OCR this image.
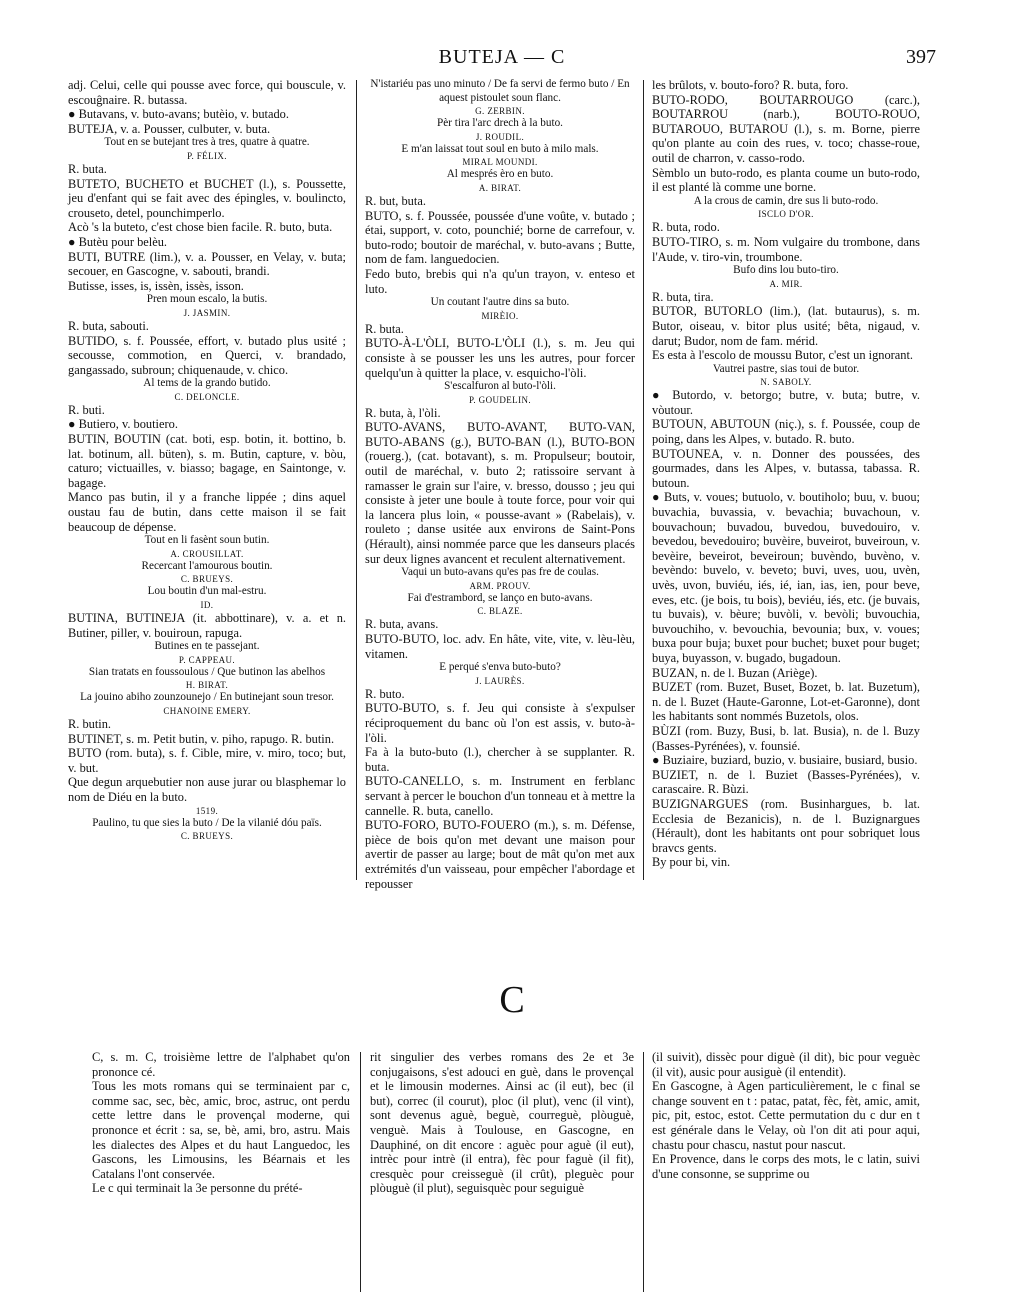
BUTEJA — C	397

adj. Celui, celle qui pousse avec force, qui bouscule, v. escouĝnaire. R. butassa.

● Butavans, v. buto-avans; butèio, v. butado.

BUTEJA, v. a. Pousser, culbuter, v. buta.

Tout en se butejant tres à tres, quatre à quatre.

P. FÉLIX.

R. buta.

BUTETO, BUCHETO et BUCHET (l.), s. Poussette, jeu d'enfant qui se fait avec des épingles, v. boulincto, crouseto, detel, pounchimperlo.

Acò 's la buteto, c'est chose bien facile. R. buto, buta.

● Butèu pour belèu.

BUTI, BUTRE (lim.), v. a. Pousser, en Velay, v. buta; secouer, en Gascogne, v. sabouti, brandi.

Butisse, isses, is, issèn, issès, isson.

Pren moun escalo, la butis.

J. JASMIN.

R. buta, sabouti.

BUTIDO, s. f. Poussée, effort, v. butado plus usité ; secousse, commotion, en Querci, v. brandado, gangassado, subroun; chiquenaude, v. chico.

Al tems de la grando butido.

C. DELONCLE.

R. buti.

● Butiero, v. boutiero.

BUTIN, BOUTIN (cat. boti, esp. botin, it. bottino, b. lat. botinum, all. büten), s. m. Butin, capture, v. bòu, caturo; victuailles, v. biasso; bagage, en Saintonge, v. bagage.

Manco pas butin, il y a franche lippée ; dins aquel oustau fau de butin, dans cette maison il se fait beaucoup de dépense.

Tout en li fasènt soun butin.

A. CROUSILLAT.

Recercant l'amourous boutin.

C. BRUEYS.

Lou boutin d'un mal-estru.

ID.

BUTINA, BUTINEJA (it. abbottinare), v. a. et n. Butiner, piller, v. bouiroun, rapuga.

Butines en te passejant.

P. CAPPEAU.

Sian tratats en foussoulous / Que butinon las abelhos

H. BIRAT.

La jouino abiho zounzounejo / En butinejant soun tresor.

CHANOINE EMERY.

R. butin.

BUTINET, s. m. Petit butin, v. piho, rapugo. R. butin.

BUTO (rom. buta), s. f. Cible, mire, v. miro, toco; but, v. but.

Que degun arquebutier non ause jurar ou blasphemar lo nom de Diéu en la buto.

1519.

Paulino, tu que sies la buto / De la vilanié dóu païs.

C. BRUEYS.

N'istariéu pas uno minuto / De fa servi de fermo buto / En aquest pistoulet soun flanc.

G. ZERBIN.

Pèr tira l'arc drech à la buto.

J. ROUDIL.

E m'an laissat tout soul en buto à milo mals.

MIRAL MOUNDI.

Al mesprés èro en buto.

A. BIRAT.

R. but, buta.

BUTO, s. f. Poussée, poussée d'une voûte, v. butado ; étai, support, v. coto, pounchié; borne de carrefour, v. buto-rodo; boutoir de maréchal, v. buto-avans ; Butte, nom de fam. languedocien.

Fedo buto, brebis qui n'a qu'un trayon, v. enteso et luto.

Un coutant l'autre dins sa buto.

MIRÈIO.

R. buta.

BUTO-À-L'ÒLI, BUTO-L'ÒLI (l.), s. m. Jeu qui consiste à se pousser les uns les autres, pour forcer quelqu'un à quitter la place, v. esquicho-l'òli.

S'escalfuron al buto-l'òli.

P. GOUDELIN.

R. buta, à, l'òli.

BUTO-AVANS, BUTO-AVANT, BUTO-VAN, BUTO-ABANS (g.), BUTO-BAN (l.), BUTO-BON (rouerg.), (cat. botavant), s. m. Propulseur; boutoir, outil de maréchal, v. buto 2; ratissoire servant à ramasser le grain sur l'aire, v. bresso, dousso ; jeu qui consiste à jeter une boule à toute force, pour voir qui la lancera plus loin, « pousse-avant » (Rabelais), v. rouleto ; danse usitée aux environs de Saint-Pons (Hérault), ainsi nommée parce que les danseurs placés sur deux lignes avancent et reculent alternativement.

Vaqui un buto-avans qu'es pas fre de coulas.

ARM. PROUV.

Fai d'estrambord, se lanço en buto-avans.

C. BLAZE.

R. buta, avans.

BUTO-BUTO, loc. adv. En hâte, vite, vite, v. lèu-lèu, vitamen.

E perqué s'enva buto-buto?

J. LAURÈS.

R. buto.

BUTO-BUTO, s. f. Jeu qui consiste à s'expulser réciproquement du banc où l'on est assis, v. buto-à-l'òli.

Fa à la buto-buto (l.), chercher à se supplanter. R. buta.

BUTO-CANELLO, s. m. Instrument en ferblanc servant à percer le bouchon d'un tonneau et à mettre la cannelle. R. buta, canello.

BUTO-FORO, BUTO-FOUERO (m.), s. m. Défense, pièce de bois qu'on met devant une maison pour avertir de passer au large; bout de mât qu'on met aux extrémités d'un vaisseau, pour empêcher l'abordage et repousser

les brûlots, v. bouto-foro? R. buta, foro.

BUTO-RODO, BOUTARROUGO (carc.), BOUTARROU (narb.), BOUTO-ROUO, BUTAROUO, BUTAROU (l.), s. m. Borne, pierre qu'on plante au coin des rues, v. toco; chasse-roue, outil de charron, v. casso-rodo.

Sèmblo un buto-rodo, es planta coume un buto-rodo, il est planté là comme une borne.

A la crous de camin, dre sus li buto-rodo.

ISCLO D'OR.

R. buta, rodo.

BUTO-TIRO, s. m. Nom vulgaire du trombone, dans l'Aude, v. tiro-vin, troumbone.

Bufo dins lou buto-tiro.

A. MIR.

R. buta, tira.

BUTOR, BUTORLO (lim.), (lat. butaurus), s. m. Butor, oiseau, v. bitor plus usité; bêta, nigaud, v. darut; Budor, nom de fam. mérid.

Es esta à l'escolo de moussu Butor, c'est un ignorant.

Vautrei pastre, sias toui de butor.

N. SABOLY.

● Butordo, v. betorgo; butre, v. buta; butre, v. vòutour.

BUTOUN, ABUTOUN (niç.), s. f. Poussée, coup de poing, dans les Alpes, v. butado. R. buto.

BUTOUNEA, v. n. Donner des poussées, des gourmades, dans les Alpes, v. butassa, tabassa. R. butoun.

● Buts, v. voues; butuolo, v. boutiholo; buu, v. buou; buvachia, buvassia, v. bevachia; buvachoun, v. bouvachoun; buvadou, buvedou, buvedouiro, v. bevedou, bevedouiro; buvèire, buveirot, buveiroun, v. bevèire, beveirot, beveiroun; buvèndo, buvèno, v. bevèndo: buvelo, v. beveto; buvi, uves, uou, uvèn, uvès, uvon, buviéu, iés, ié, ian, ias, ien, pour beve, eves, etc. (je bois, tu bois), beviéu, iés, etc. (je buvais, tu buvais), v. bèure; buvòli, v. bevòli; buvouchia, buvouchiho, v. bevouchia, bevounia; bux, v. voues; buxa pour buja; buxet pour buchet; buxet pour buget; buya, buyasson, v. bugado, bugadoun.

BUZAN, n. de l. Buzan (Ariège).

BUZET (rom. Buzet, Buset, Bozet, b. lat. Buzetum), n. de l. Buzet (Haute-Garonne, Lot-et-Garonne), dont les habitants sont nommés Buzetols, olos.

BÙZI (rom. Buzy, Busi, b. lat. Busia), n. de l. Buzy (Basses-Pyrénées), v. founsié.

● Buziaire, buziard, buzio, v. busiaire, busiard, busio.

BUZIET, n. de l. Buziet (Basses-Pyrénées), v. carascaire. R. Bùzi.

BUZIGNARGUES (rom. Businhargues, b. lat. Ecclesia de Bezanicis), n. de l. Buzignargues (Hérault), dont les habitants ont pour sobriquet lous bravcs gents.

By pour bi, vin.

C

C, s. m. C, troisième lettre de l'alphabet qu'on prononce cé.

Tous les mots romans qui se terminaient par c, comme sac, sec, bèc, amic, broc, astruc, ont perdu cette lettre dans le provençal moderne, qui prononce et écrit : sa, se, bè, ami, bro, astru. Mais les dialectes des Alpes et du haut Languedoc, les Gascons, les Limousins, les Béarnais et les Catalans l'ont conservée.

Le c qui terminait la 3e personne du prété-

rit singulier des verbes romans des 2e et 3e conjugaisons, s'est adouci en guè, dans le provençal et le limousin modernes. Ainsi ac (il eut), bec (il but), correc (il courut), ploc (il plut), venc (il vint), sont devenus aguè, beguè, courreguè, plòuguè, venguè. Mais à Toulouse, en Gascogne, en Dauphiné, on dit encore : aguèc pour aguè (il eut), intrèc pour intrè (il entra), fèc pour faguè (il fit), cresquèc pour creisseguè (il crût), pleguèc pour plòuguè (il plut), seguisquèc pour seguiguè

(il suivit), dissèc pour diguè (il dit), bic pour veguèc (il vit), ausic pour ausiguè (il entendit).

En Gascogne, à Agen particulièrement, le c final se change souvent en t : patac, patat, fèc, fèt, amic, amit, pic, pit, estoc, estot. Cette permutation du c dur en t est générale dans le Velay, où l'on dit ati pour aqui, chastu pour chascu, nastut pour nascut.

En Provence, dans le corps des mots, le c latin, suivi d'une consonne, se supprime ou
